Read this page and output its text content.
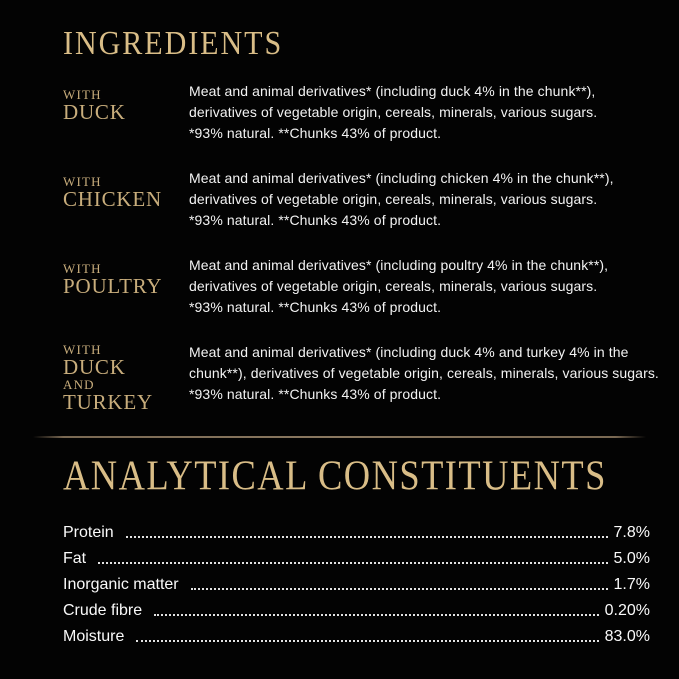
INGREDIENTS
WITH
DUCK
Meat and animal derivatives* (including duck 4% in the chunk**), derivatives of vegetable origin, cereals, minerals, various sugars.
*93% natural. **Chunks 43% of product.
WITH
CHICKEN
Meat and animal derivatives* (including chicken 4% in the chunk**), derivatives of vegetable origin, cereals, minerals, various sugars.
*93% natural. **Chunks 43% of product.
WITH
POULTRY
Meat and animal derivatives* (including poultry 4% in the chunk**), derivatives of vegetable origin, cereals, minerals, various sugars.
*93% natural. **Chunks 43% of product.
WITH
DUCK
AND
TURKEY
Meat and animal derivatives* (including duck 4% and turkey 4% in the chunk**), derivatives of vegetable origin, cereals, minerals, various sugars.
*93% natural. **Chunks 43% of product.
ANALYTICAL CONSTITUENTS
Protein	7.8%
Fat	5.0%
Inorganic matter	1.7%
Crude fibre	0.20%
Moisture	83.0%
